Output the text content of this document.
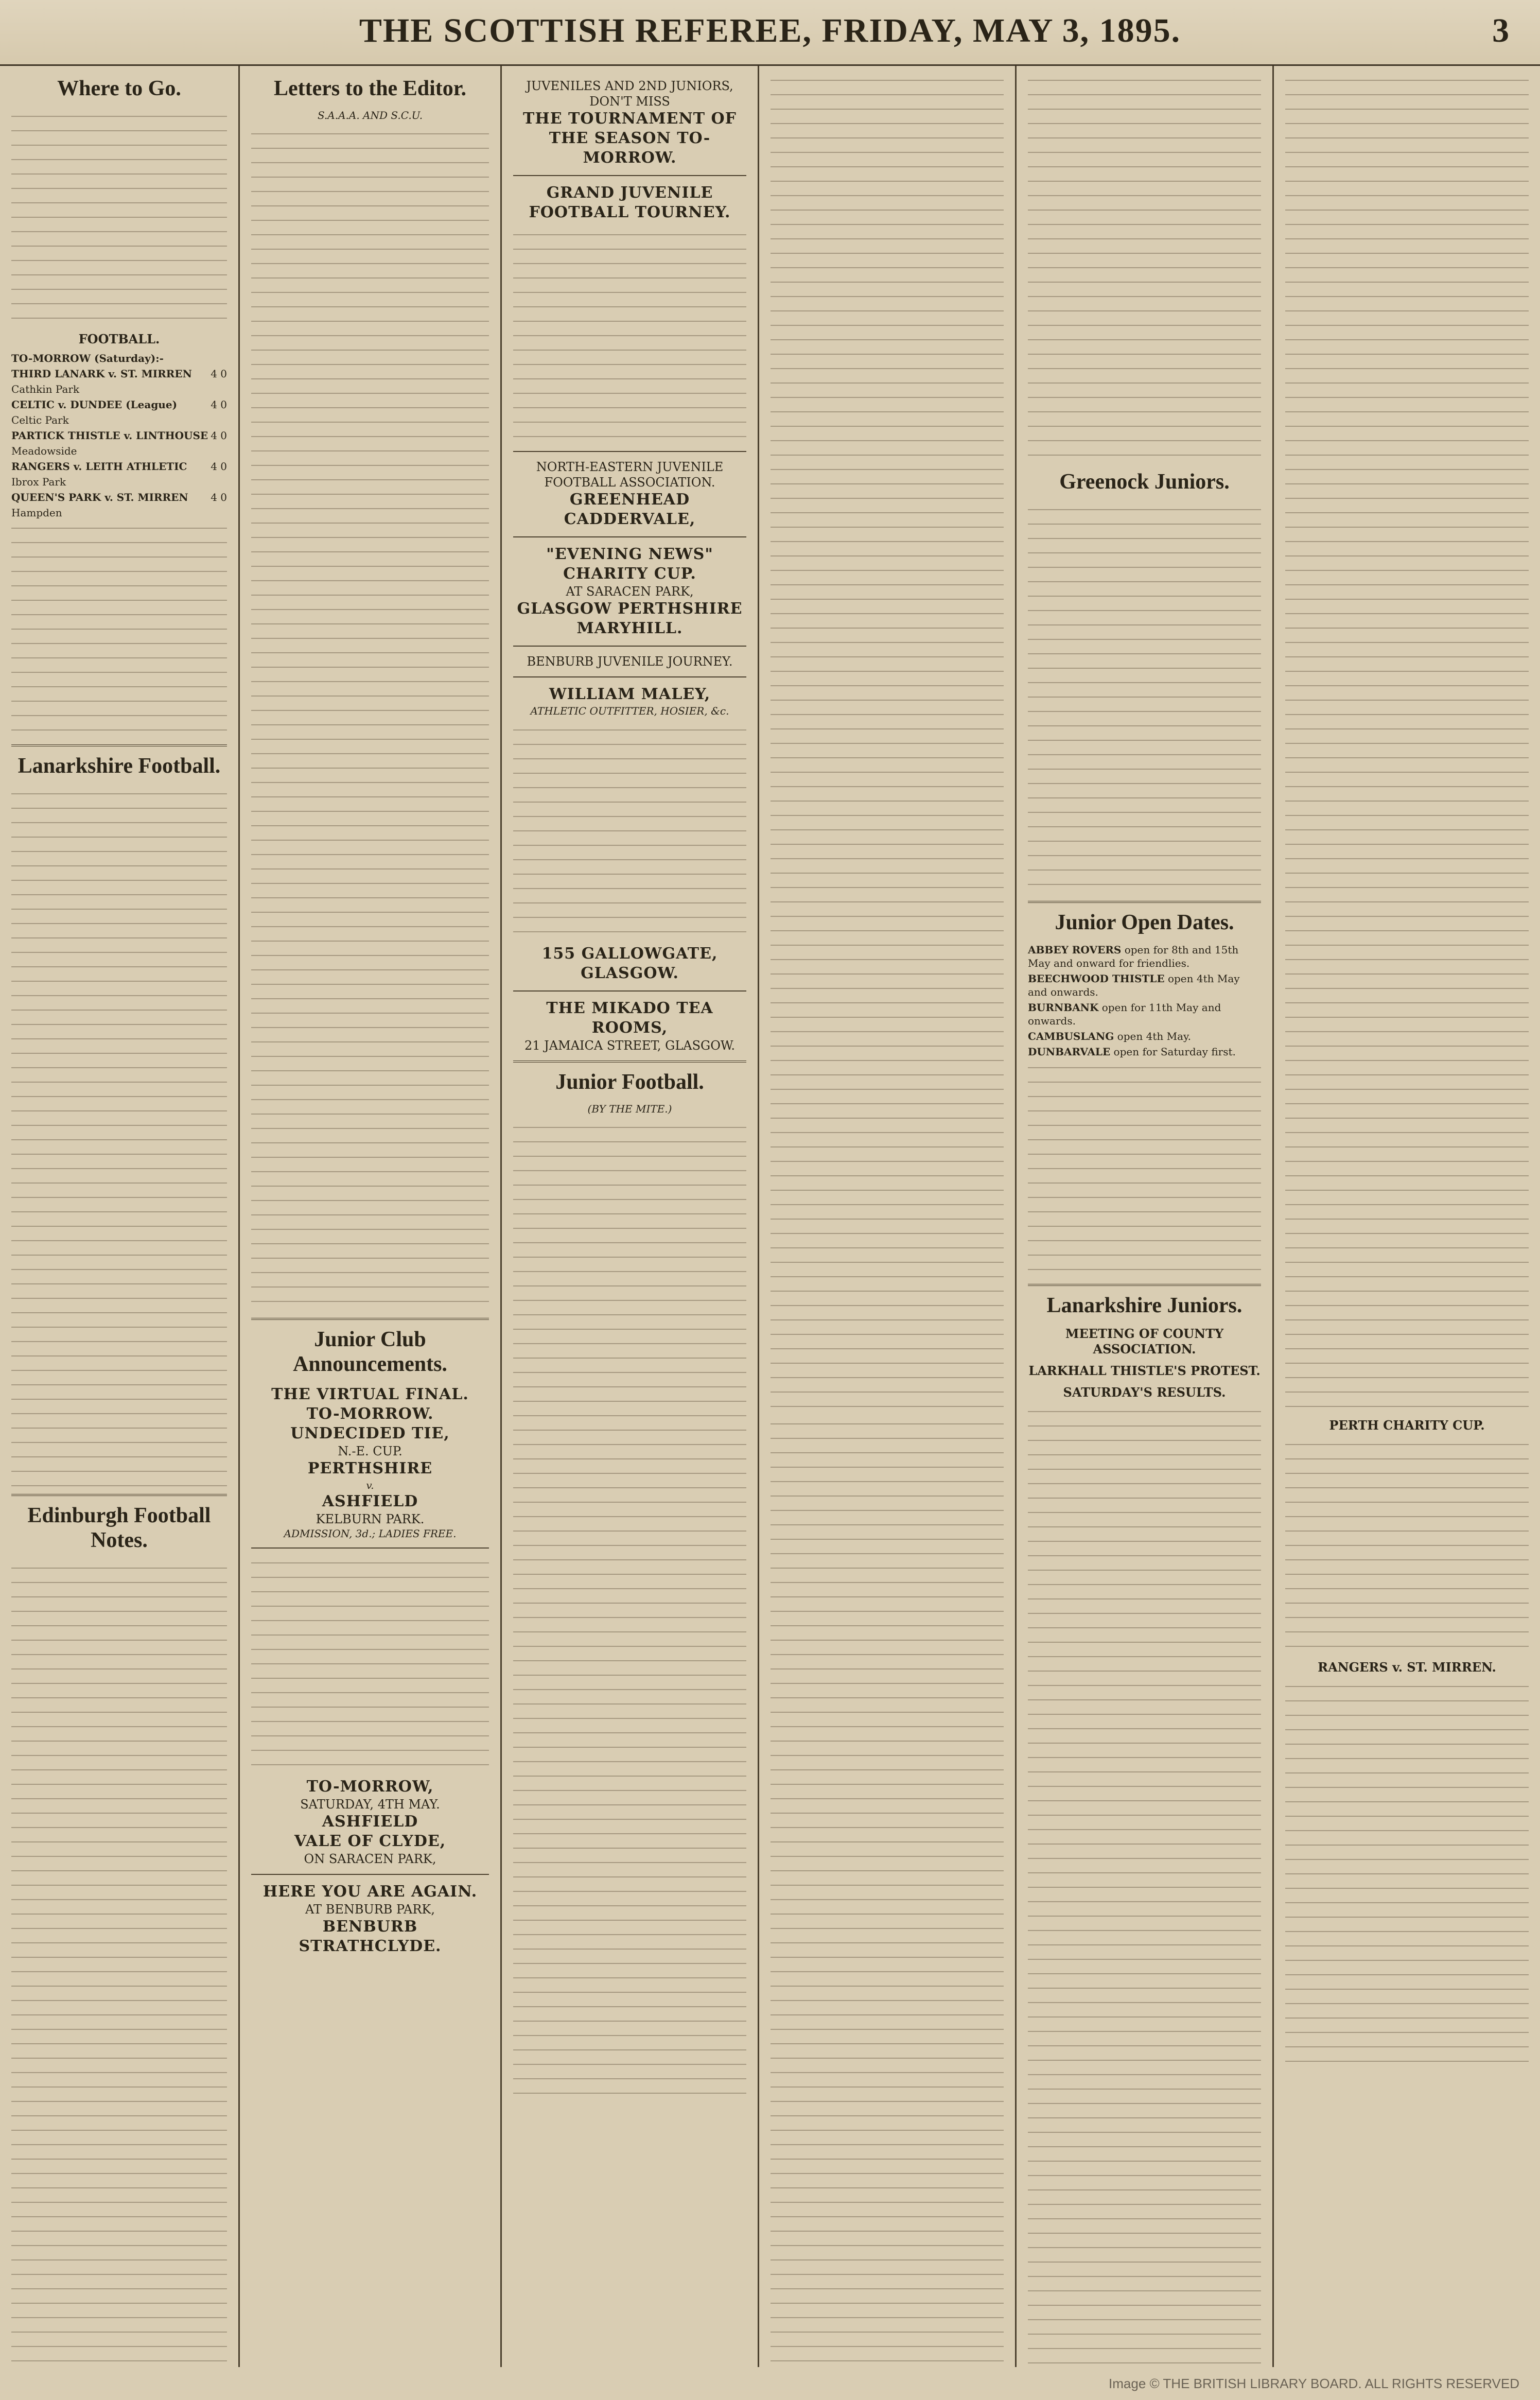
THE SCOTTISH REFEREE, FRIDAY, MAY 3, 1895.	3
Where to Go.
FOOTBALL.
TO-MORROW (Saturday):-
THIRD LANARK v. ST. MIRREN 4 0
Cathkin Park
CELTIC v. DUNDEE (League)	4 0
Celtic Park
PARTICK THISTLE v. LINTHOUSE 4 0
Meadowside
RANGERS v. LEITH ATHLETIC 4 0
Ibrox Park
QUEEN'S PARK v. ST. MIRREN 4 0
Hampden
Lanarkshire Football.
Edinburgh Football Notes.
Letters to the Editor.
S.A.A.A. AND S.C.U.
Junior Club Announcements.
THE VIRTUAL FINAL.
TO-MORROW.
UNDECIDED TIE,
N.-E. CUP.
PERTHSHIRE
v.
ASHFIELD
KELBURN PARK.
ADMISSION, 3d.; LADIES FREE.
TO-MORROW,
SATURDAY, 4TH MAY.
ASHFIELD
VALE OF CLYDE,
ON SARACEN PARK,
HERE YOU ARE AGAIN.
AT BENBURB PARK,
BENBURB
STRATHCLYDE.
JUVENILES AND 2ND JUNIORS, DON'T MISS
THE TOURNAMENT OF THE SEASON TO-MORROW.
GRAND JUVENILE FOOTBALL TOURNEY.
NORTH-EASTERN JUVENILE FOOTBALL ASSOCIATION.
GREENHEAD
CADDERVALE,
"EVENING NEWS" CHARITY CUP.
AT SARACEN PARK,
GLASGOW PERTHSHIRE
MARYHILL.
BENBURB JUVENILE JOURNEY.
WILLIAM MALEY,
ATHLETIC OUTFITTER, HOSIER, &c.
155 GALLOWGATE, GLASGOW.
THE MIKADO TEA ROOMS,
21 JAMAICA STREET, GLASGOW.
Junior Football.
(BY THE MITE.)
Greenock Juniors.
Junior Open Dates.
ABBEY ROVERS open for 8th and 15th May and onward for friendlies.
BEECHWOOD THISTLE open 4th May and onwards.
BURNBANK open for 11th May and onwards.
CAMBUSLANG open 4th May.
DUNBARVALE open for Saturday first.
Lanarkshire Juniors.
MEETING OF COUNTY ASSOCIATION.
LARKHALL THISTLE'S PROTEST.
SATURDAY'S RESULTS.
PERTH CHARITY CUP.
RANGERS v. ST. MIRREN.
Image © THE BRITISH LIBRARY BOARD. ALL RIGHTS RESERVED
